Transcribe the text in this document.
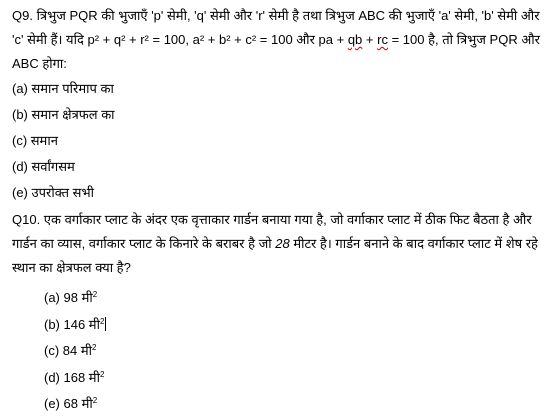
Q9. त्रिभुज PQR की भुजाएँ 'p' सेमी, 'q' सेमी और 'r' सेमी है तथा त्रिभुज ABC की भुजाएँ 'a' सेमी, 'b' सेमी और 'c' सेमी हैं। यदि p² + q² + r² = 100, a² + b² + c² = 100 और pa + qb + rc = 100 है, तो त्रिभुज PQR और ABC होगा:

(a) समान परिमाप का
(b) समान क्षेत्रफल का
(c) समान
(d) सर्वांगसम
(e) उपरोक्त सभी

Q10. एक वर्गाकार प्लाट के अंदर एक वृत्ताकार गार्डन बनाया गया है, जो वर्गाकार प्लाट में ठीक फिट बैठता है और गार्डन का व्यास, वर्गाकार प्लाट के किनारे के बराबर है जो 28 मीटर है। गार्डन बनाने के बाद वर्गाकार प्लाट में शेष रहे स्थान का क्षेत्रफल क्या है?

(a) 98 मी$^2$
(b) 146 मी$^2$
(c) 84 मी$^2$
(d) 168 मी$^2$
(e) 68 मी$^2$
